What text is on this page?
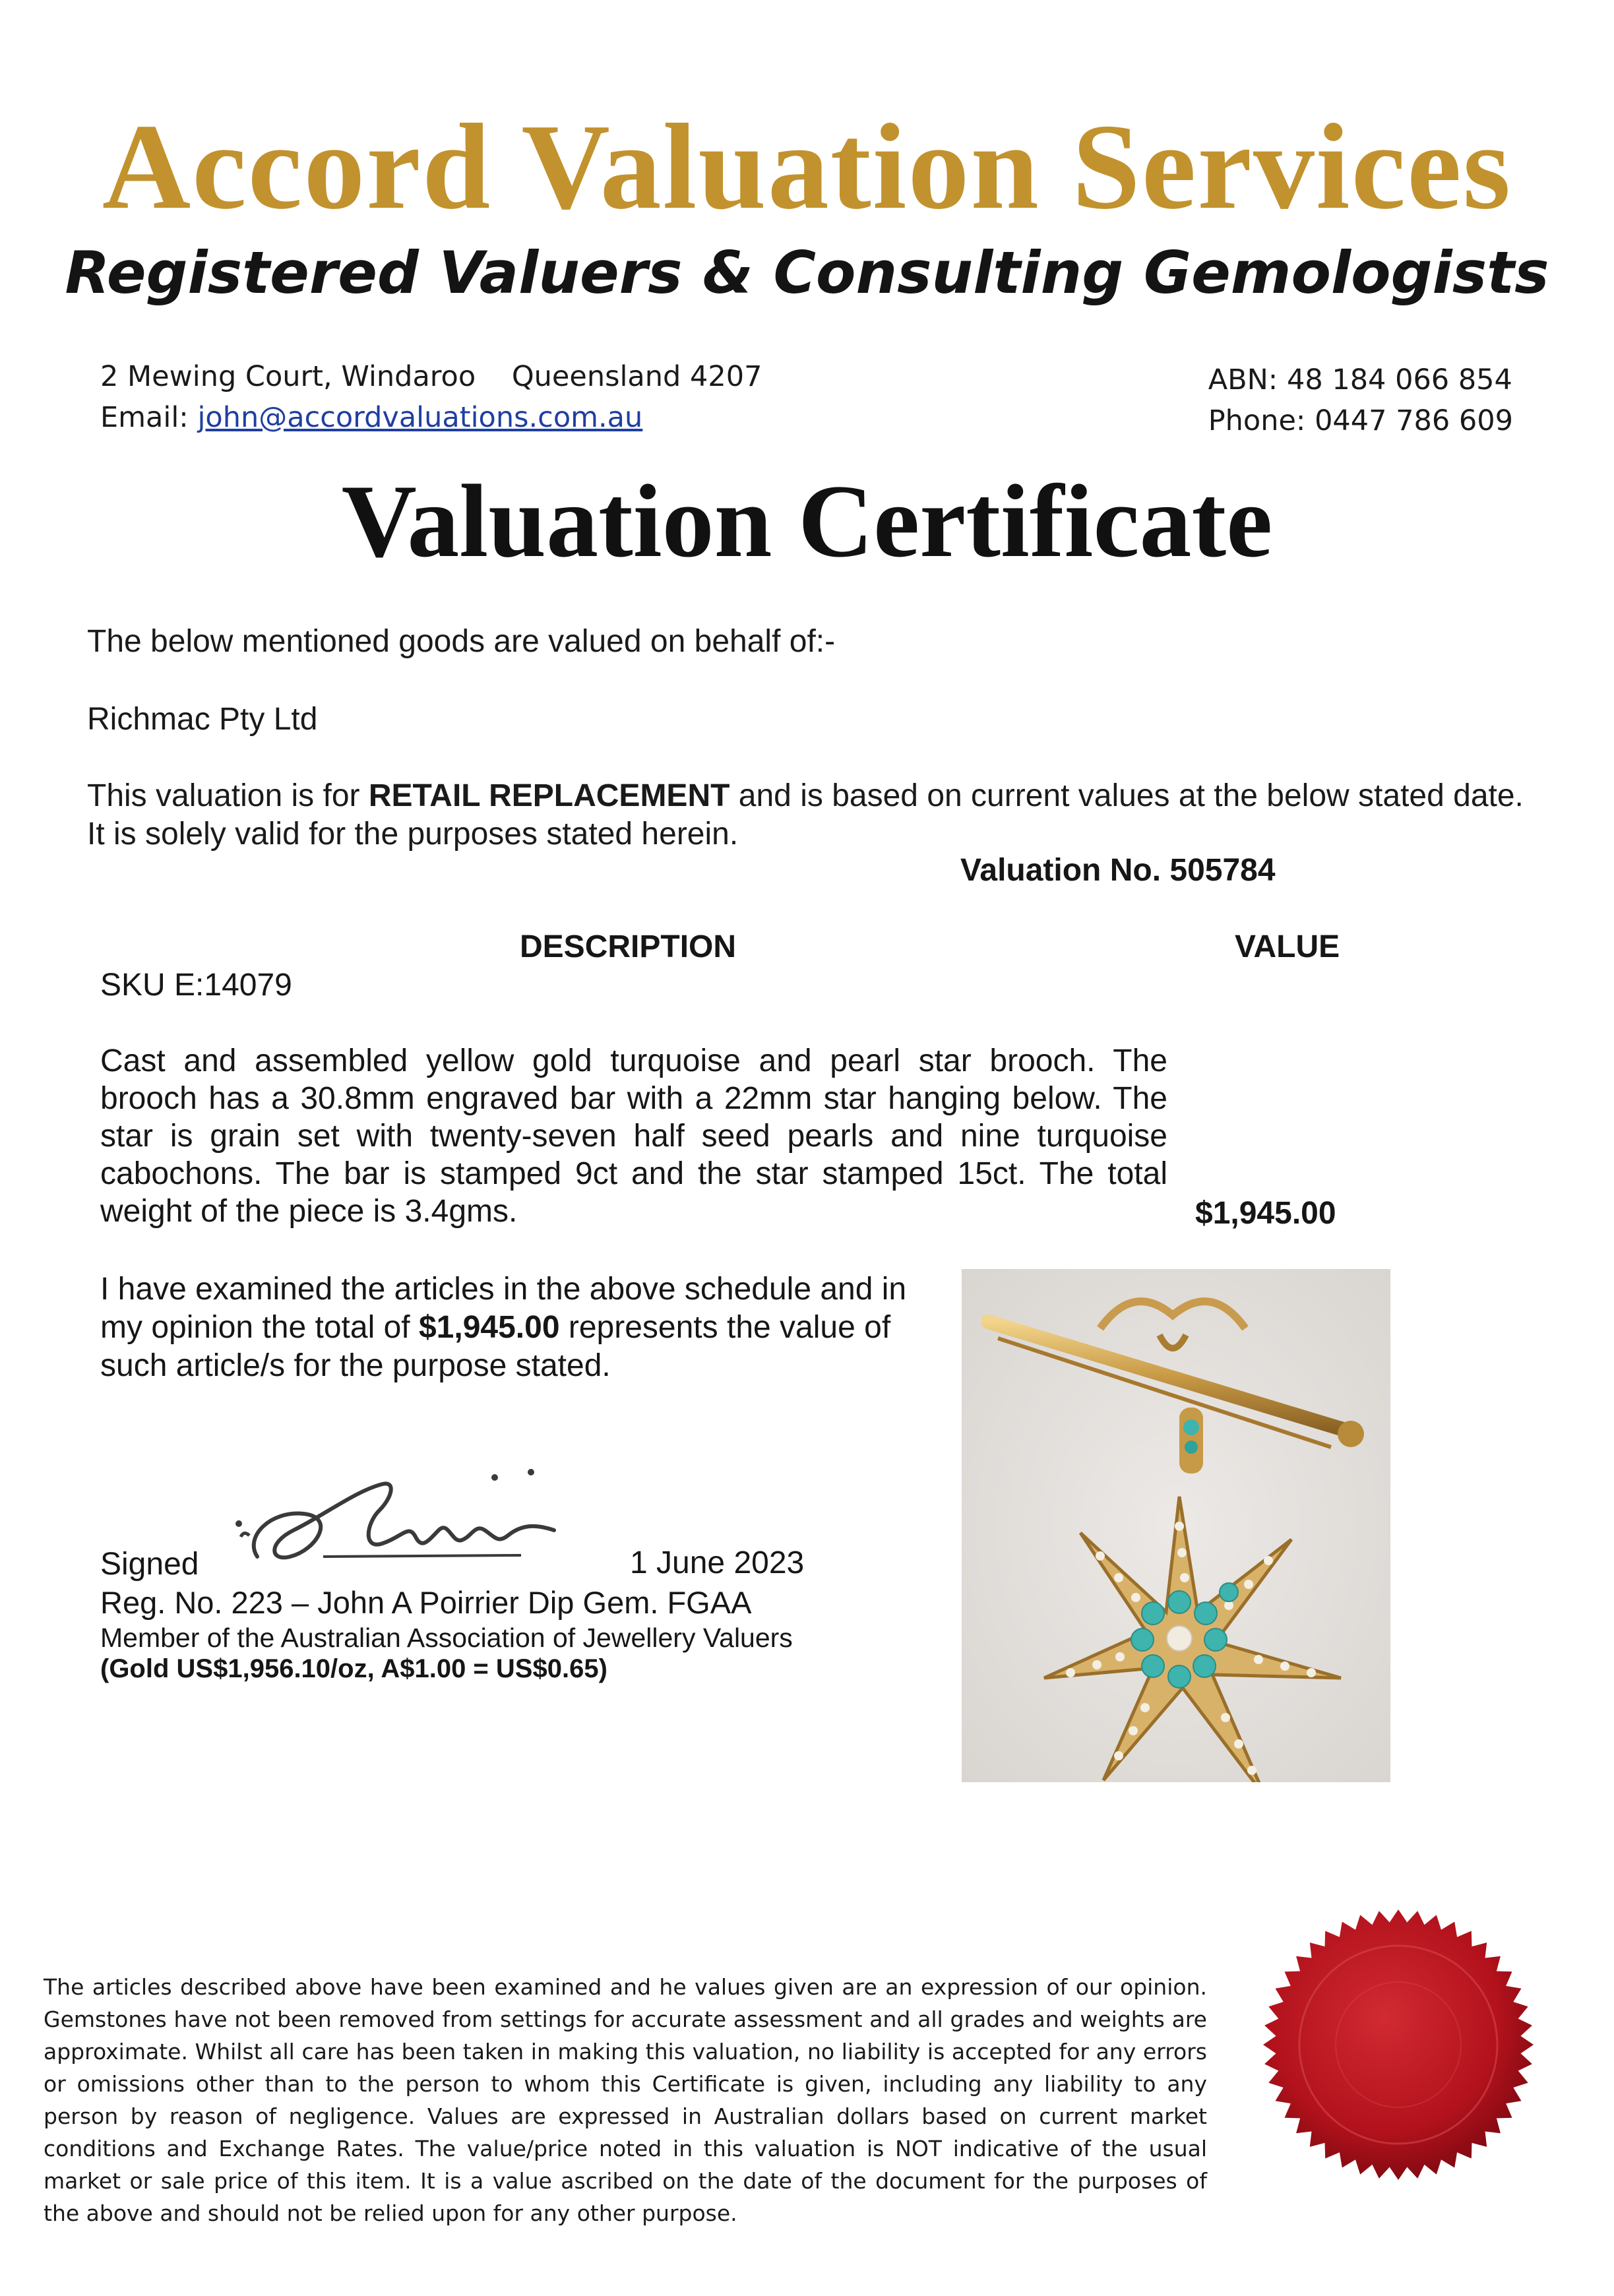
Accord Valuation Services
Registered Valuers & Consulting Gemologists
2 Mewing Court, Windaroo    Queensland 4207
Email: john@accordvaluations.com.au
ABN: 48 184 066 854
Phone: 0447 786 609
Valuation Certificate
The below mentioned goods are valued on behalf of:-
Richmac Pty Ltd
This valuation is for RETAIL REPLACEMENT and is based on current values at the below stated date. It is solely valid for the purposes stated herein.
Valuation No. 505784
DESCRIPTION	VALUE
SKU E:14079
Cast and assembled yellow gold turquoise and pearl star brooch. The brooch has a 30.8mm engraved bar with a 22mm star hanging below. The star is grain set with twenty-seven half seed pearls and nine turquoise cabochons. The bar is stamped 9ct and the star stamped 15ct. The total weight of the piece is 3.4gms.	$1,945.00
I have examined the articles in the above schedule and in my opinion the total of $1,945.00 represents the value of such article/s for the purpose stated.
Signed	1 June 2023
Reg. No. 223 – John A Poirrier Dip Gem. FGAA
Member of the Australian Association of Jewellery Valuers
(Gold US$1,956.10/oz, A$1.00 = US$0.65)
The articles described above have been examined and he values given are an expression of our opinion. Gemstones have not been removed from settings for accurate assessment and all grades and weights are approximate. Whilst all care has been taken in making this valuation, no liability is accepted for any errors or omissions other than to the person to whom this Certificate is given, including any liability to any person by reason of negligence. Values are expressed in Australian dollars based on current market conditions and Exchange Rates. The value/price noted in this valuation is NOT indicative of the usual market or sale price of this item. It is a value ascribed on the date of the document for the purposes of the above and should not be relied upon for any other purpose.
